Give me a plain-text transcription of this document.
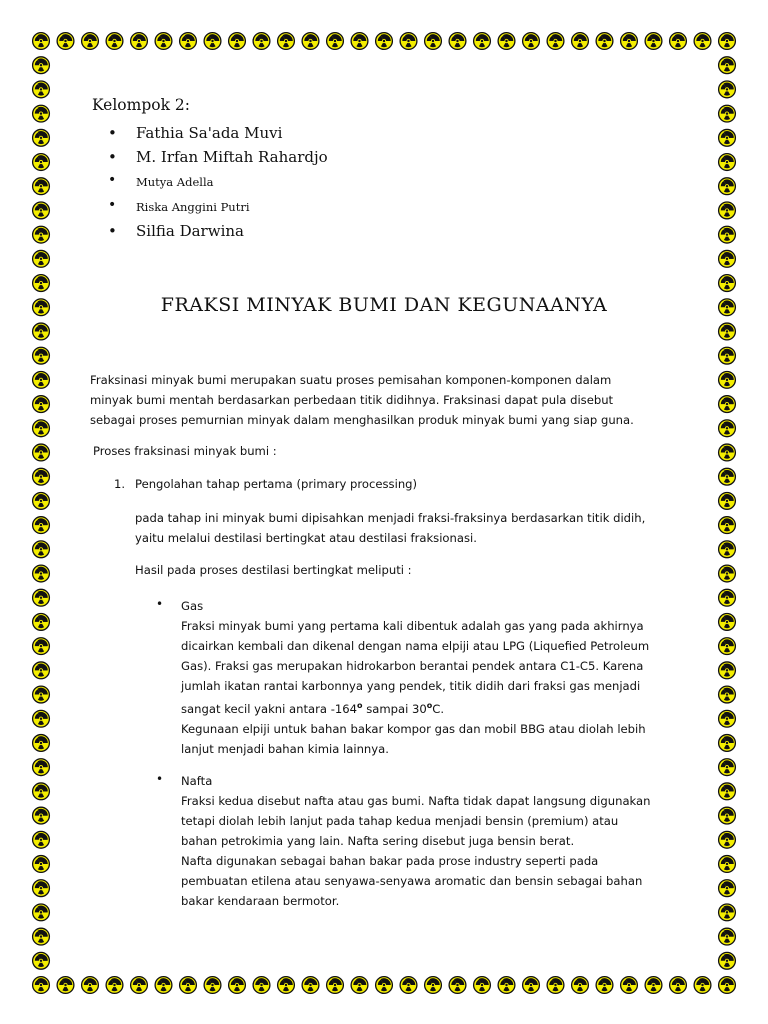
Kelompok 2:
• Fathia Sa'ada Muvi
• M. Irfan Miftah Rahardjo
• Mutya Adella
• Riska Anggini Putri
• Silfia Darwina
FRAKSI MINYAK BUMI DAN KEGUNAANYA
Fraksinasi minyak bumi merupakan suatu proses pemisahan komponen-komponen dalam
minyak bumi mentah berdasarkan perbedaan titik didihnya. Fraksinasi dapat pula disebut
sebagai proses pemurnian minyak dalam menghasilkan produk minyak bumi yang siap guna.
Proses fraksinasi minyak bumi :
1. Pengolahan tahap pertama (primary processing)
pada tahap ini minyak bumi dipisahkan menjadi fraksi-fraksinya berdasarkan titik didih,
yaitu melalui destilasi bertingkat atau destilasi fraksionasi.
Hasil pada proses destilasi bertingkat meliputi :
• Gas
Fraksi minyak bumi yang pertama kali dibentuk adalah gas yang pada akhirnya
dicairkan kembali dan dikenal dengan nama elpiji atau LPG (Liquefied Petroleum
Gas). Fraksi gas merupakan hidrokarbon berantai pendek antara C1-C5. Karena
jumlah ikatan rantai karbonnya yang pendek, titik didih dari fraksi gas menjadi
sangat kecil yakni antara -164$^o$ sampai 30$^o$C.
Kegunaan elpiji untuk bahan bakar kompor gas dan mobil BBG atau diolah lebih
lanjut menjadi bahan kimia lainnya.
• Nafta
Fraksi kedua disebut nafta atau gas bumi. Nafta tidak dapat langsung digunakan
tetapi diolah lebih lanjut pada tahap kedua menjadi bensin (premium) atau
bahan petrokimia yang lain. Nafta sering disebut juga bensin berat.
Nafta digunakan sebagai bahan bakar pada prose industry seperti pada
pembuatan etilena atau senyawa-senyawa aromatic dan bensin sebagai bahan
bakar kendaraan bermotor.
